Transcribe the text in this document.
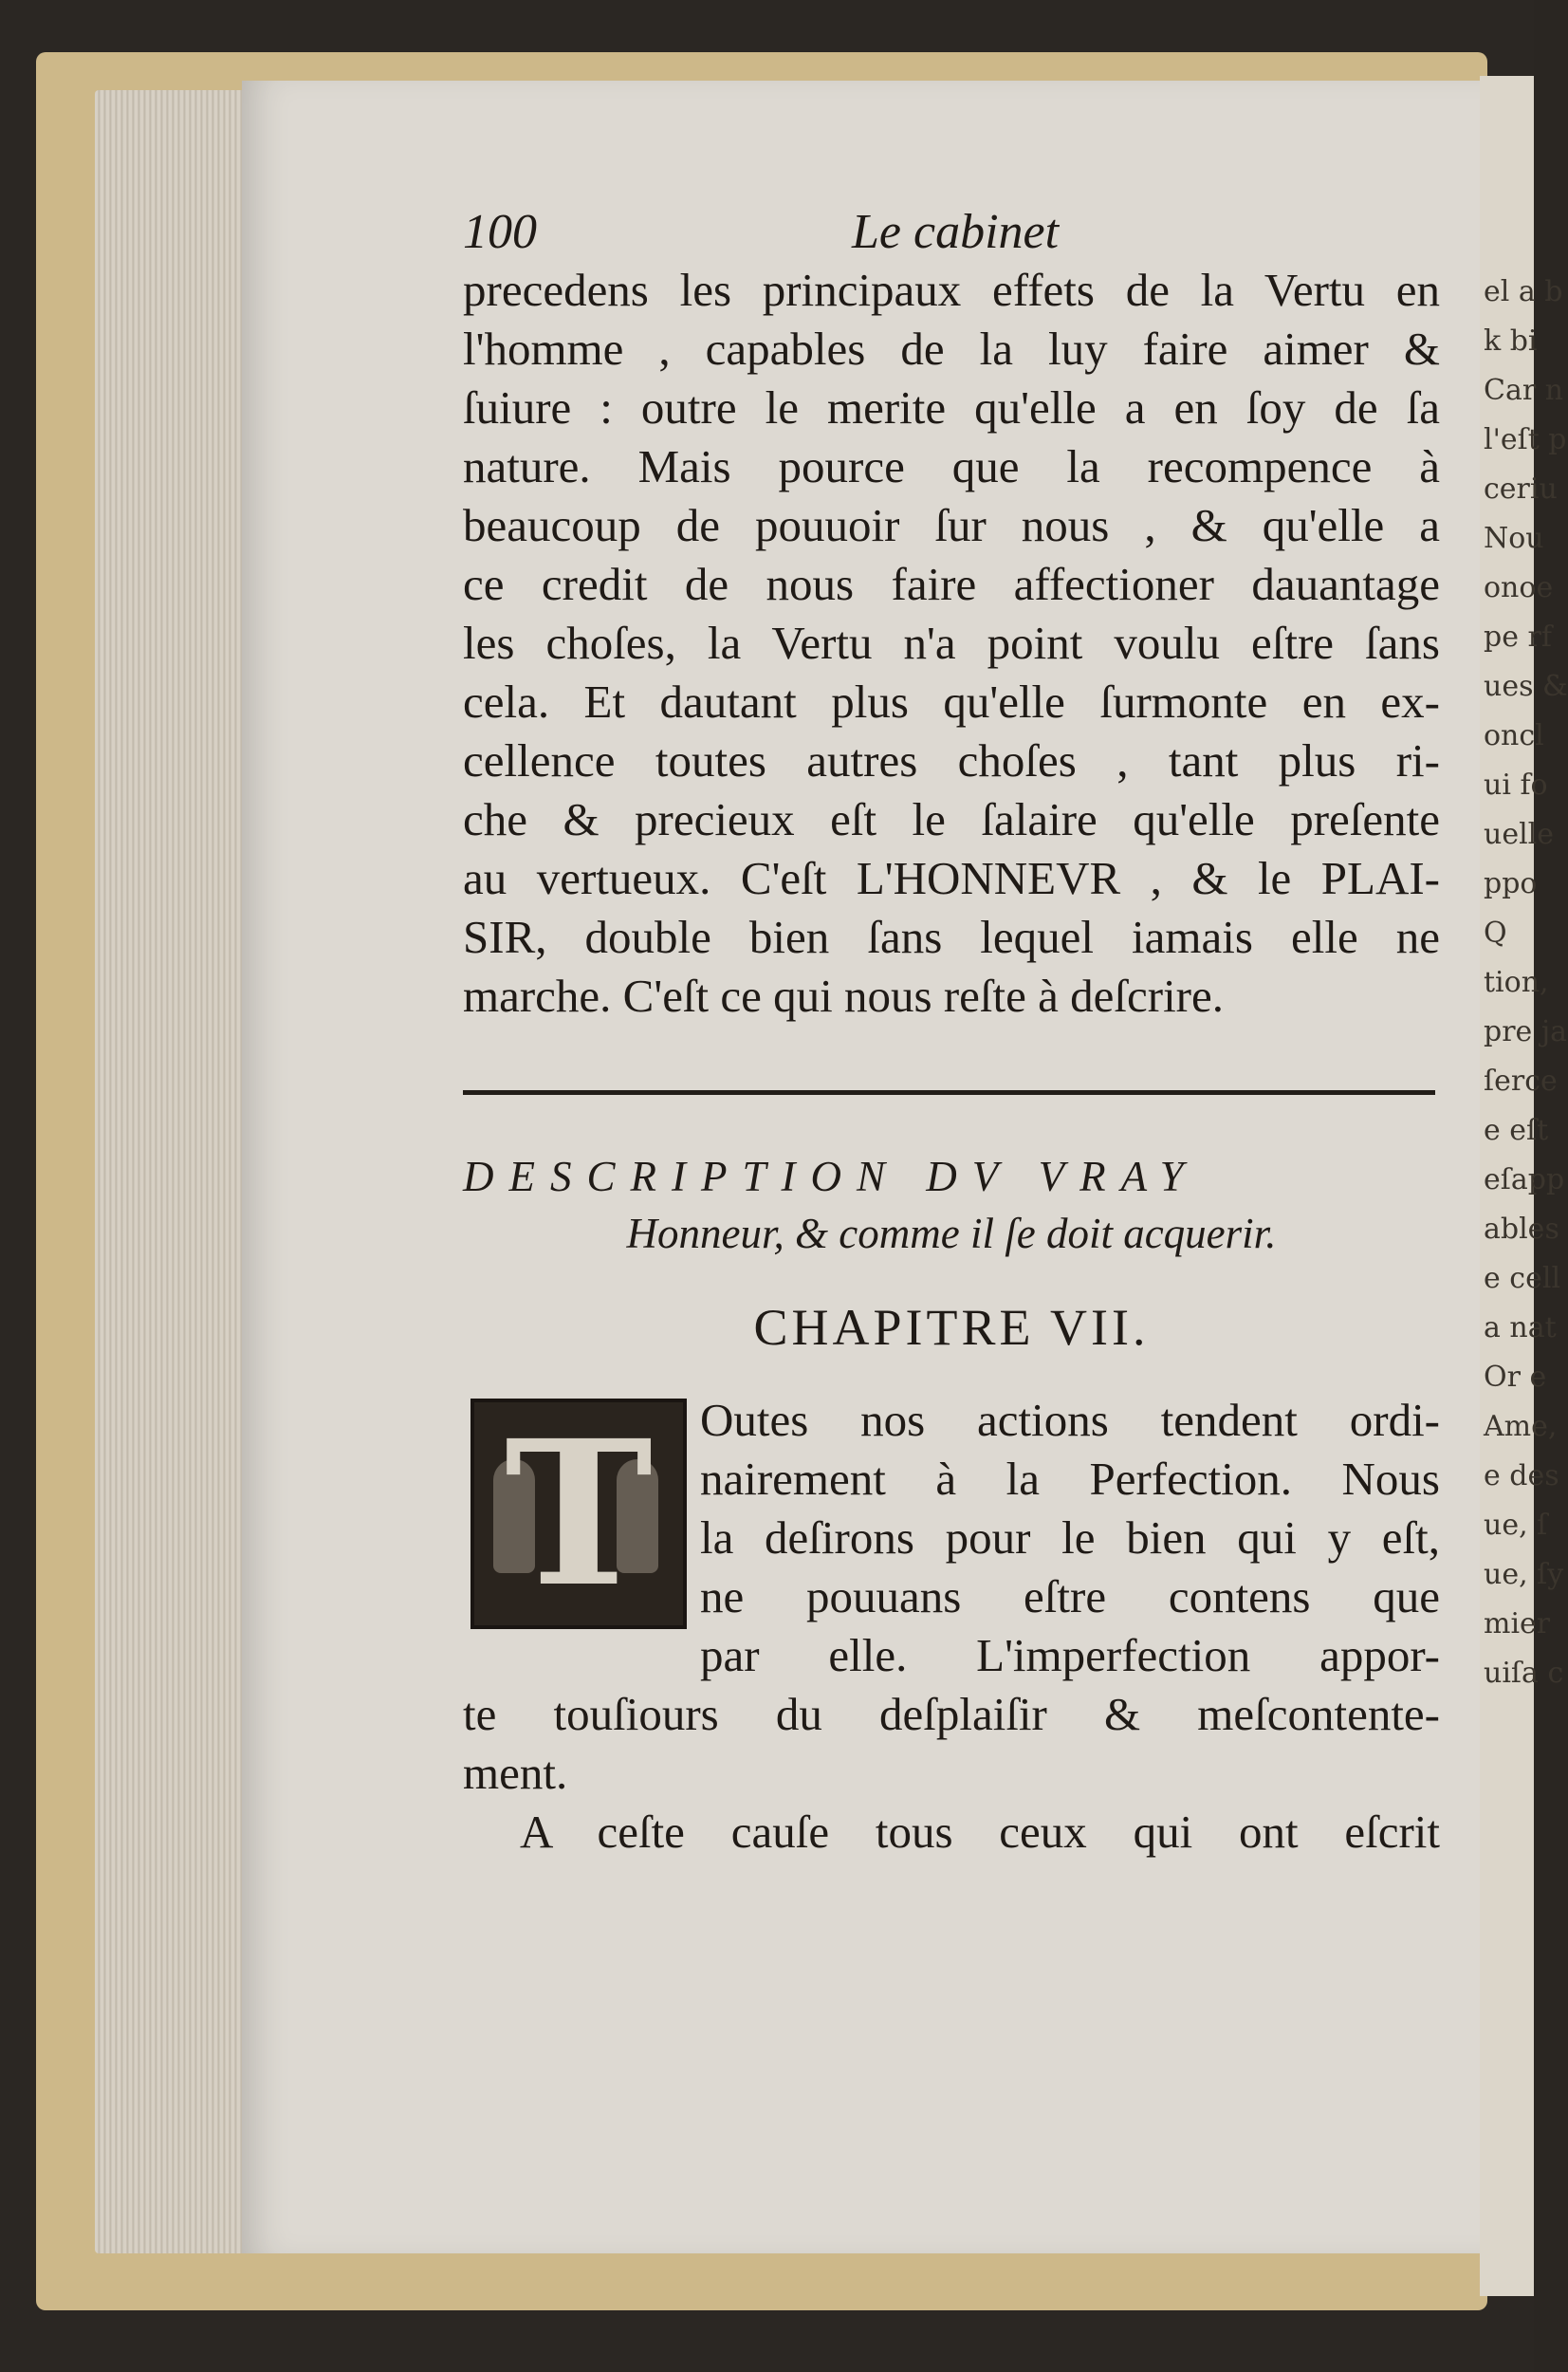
el a b
k bi
Car n
l'eſt p
ceriu
Nou
onoe
pe rf
ues &
oncl
ui fo
uelle
ppo
Q
tion,
pre ja
ſerce
e eſt
eſapp
ables
e cell
a nat
Or e
Ame,
e des
ue, ſ
ue, ſy
mier
uiſa c
100	Le cabinet
precedens les principaux effets de la Vertu en
l'homme , capables de la luy faire aimer &
ſuiure : outre le merite qu'elle a en ſoy de ſa
nature. Mais pource que la recompence à
beaucoup de pouuoir ſur nous , & qu'elle a
ce credit de nous faire affectioner dauantage
les choſes, la Vertu n'a point voulu eſtre ſans
cela. Et dautant plus qu'elle ſurmonte en ex-
cellence toutes autres choſes , tant plus ri-
che & precieux eſt le ſalaire qu'elle preſente
au vertueux. C'eſt L'HONNEVR , & le PLAI-
SIR, double bien ſans lequel iamais elle ne
marche. C'eſt ce qui nous reſte à deſcrire.
DESCRIPTION DV VRAY
Honneur, & comme il ſe doit acquerir.
CHAPITRE VII.
T	Outes nos actions tendent ordi-
nairement à la Perfection. Nous
la deſirons pour le bien qui y eſt,
ne pouuans eſtre contens que
par elle. L'imperfection appor-
te touſiours du deſplaiſir & meſcontente-
ment.
A ceſte cauſe tous ceux qui ont eſcrit
